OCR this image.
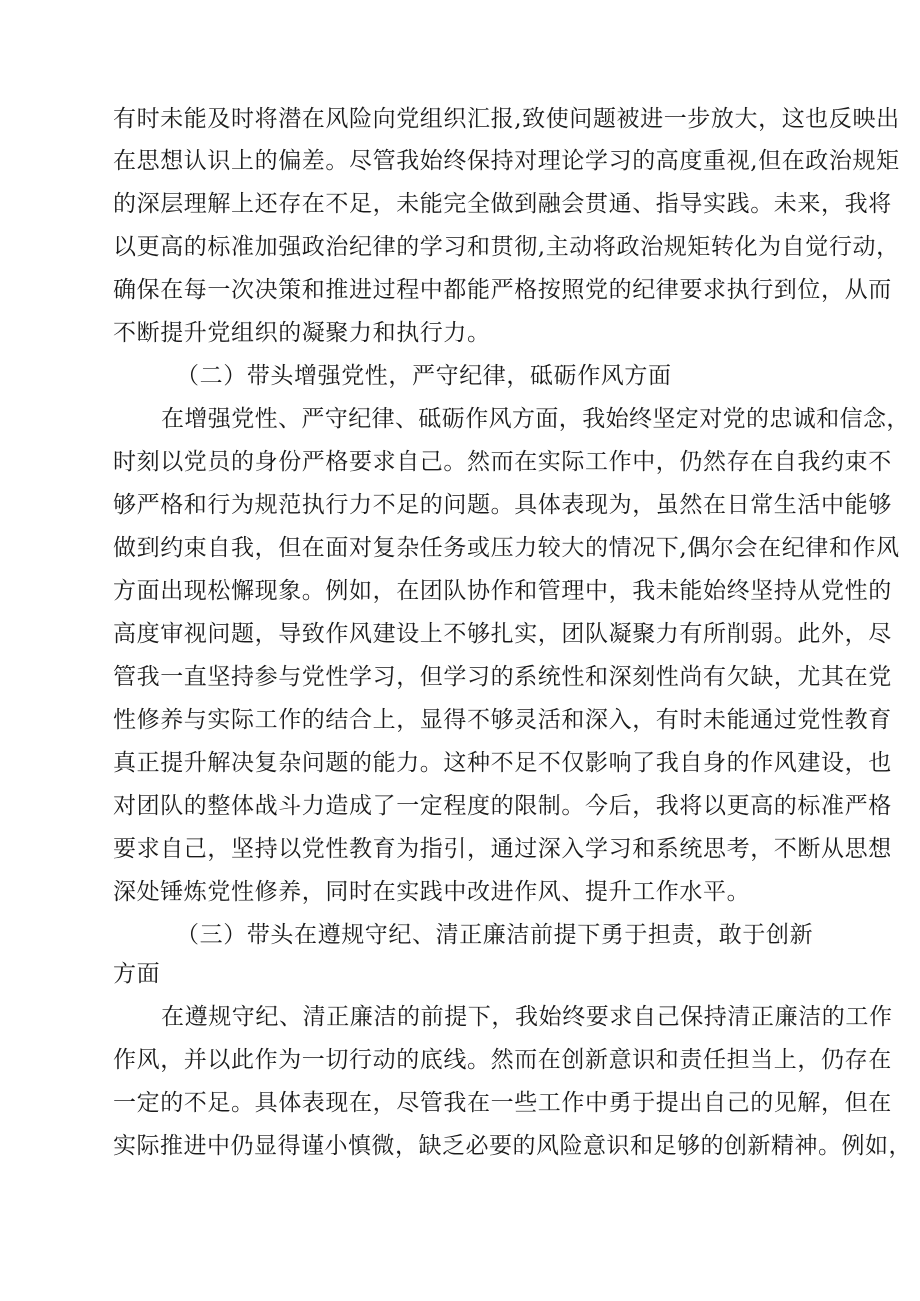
有时未能及时将潜在风险向党组织汇报,致使问题被进一步放大，这也反映出
在思想认识上的偏差。尽管我始终保持对理论学习的高度重视,但在政治规矩
的深层理解上还存在不足，未能完全做到融会贯通、指导实践。未来，我将
以更高的标准加强政治纪律的学习和贯彻,主动将政治规矩转化为自觉行动，
确保在每一次决策和推进过程中都能严格按照党的纪律要求执行到位，从而
不断提升党组织的凝聚力和执行力。
（二）带头增强党性，严守纪律，砥砺作风方面
在增强党性、严守纪律、砥砺作风方面，我始终坚定对党的忠诚和信念，
时刻以党员的身份严格要求自己。然而在实际工作中，仍然存在自我约束不
够严格和行为规范执行力不足的问题。具体表现为，虽然在日常生活中能够
做到约束自我，但在面对复杂任务或压力较大的情况下,偶尔会在纪律和作风
方面出现松懈现象。例如，在团队协作和管理中，我未能始终坚持从党性的
高度审视问题，导致作风建设上不够扎实，团队凝聚力有所削弱。此外，尽
管我一直坚持参与党性学习，但学习的系统性和深刻性尚有欠缺，尤其在党
性修养与实际工作的结合上，显得不够灵活和深入，有时未能通过党性教育
真正提升解决复杂问题的能力。这种不足不仅影响了我自身的作风建设，也
对团队的整体战斗力造成了一定程度的限制。今后，我将以更高的标准严格
要求自己，坚持以党性教育为指引，通过深入学习和系统思考，不断从思想
深处锤炼党性修养，同时在实践中改进作风、提升工作水平。
（三）带头在遵规守纪、清正廉洁前提下勇于担责，敢于创新
方面
在遵规守纪、清正廉洁的前提下，我始终要求自己保持清正廉洁的工作
作风，并以此作为一切行动的底线。然而在创新意识和责任担当上，仍存在
一定的不足。具体表现在，尽管我在一些工作中勇于提出自己的见解，但在
实际推进中仍显得谨小慎微，缺乏必要的风险意识和足够的创新精神。例如，
